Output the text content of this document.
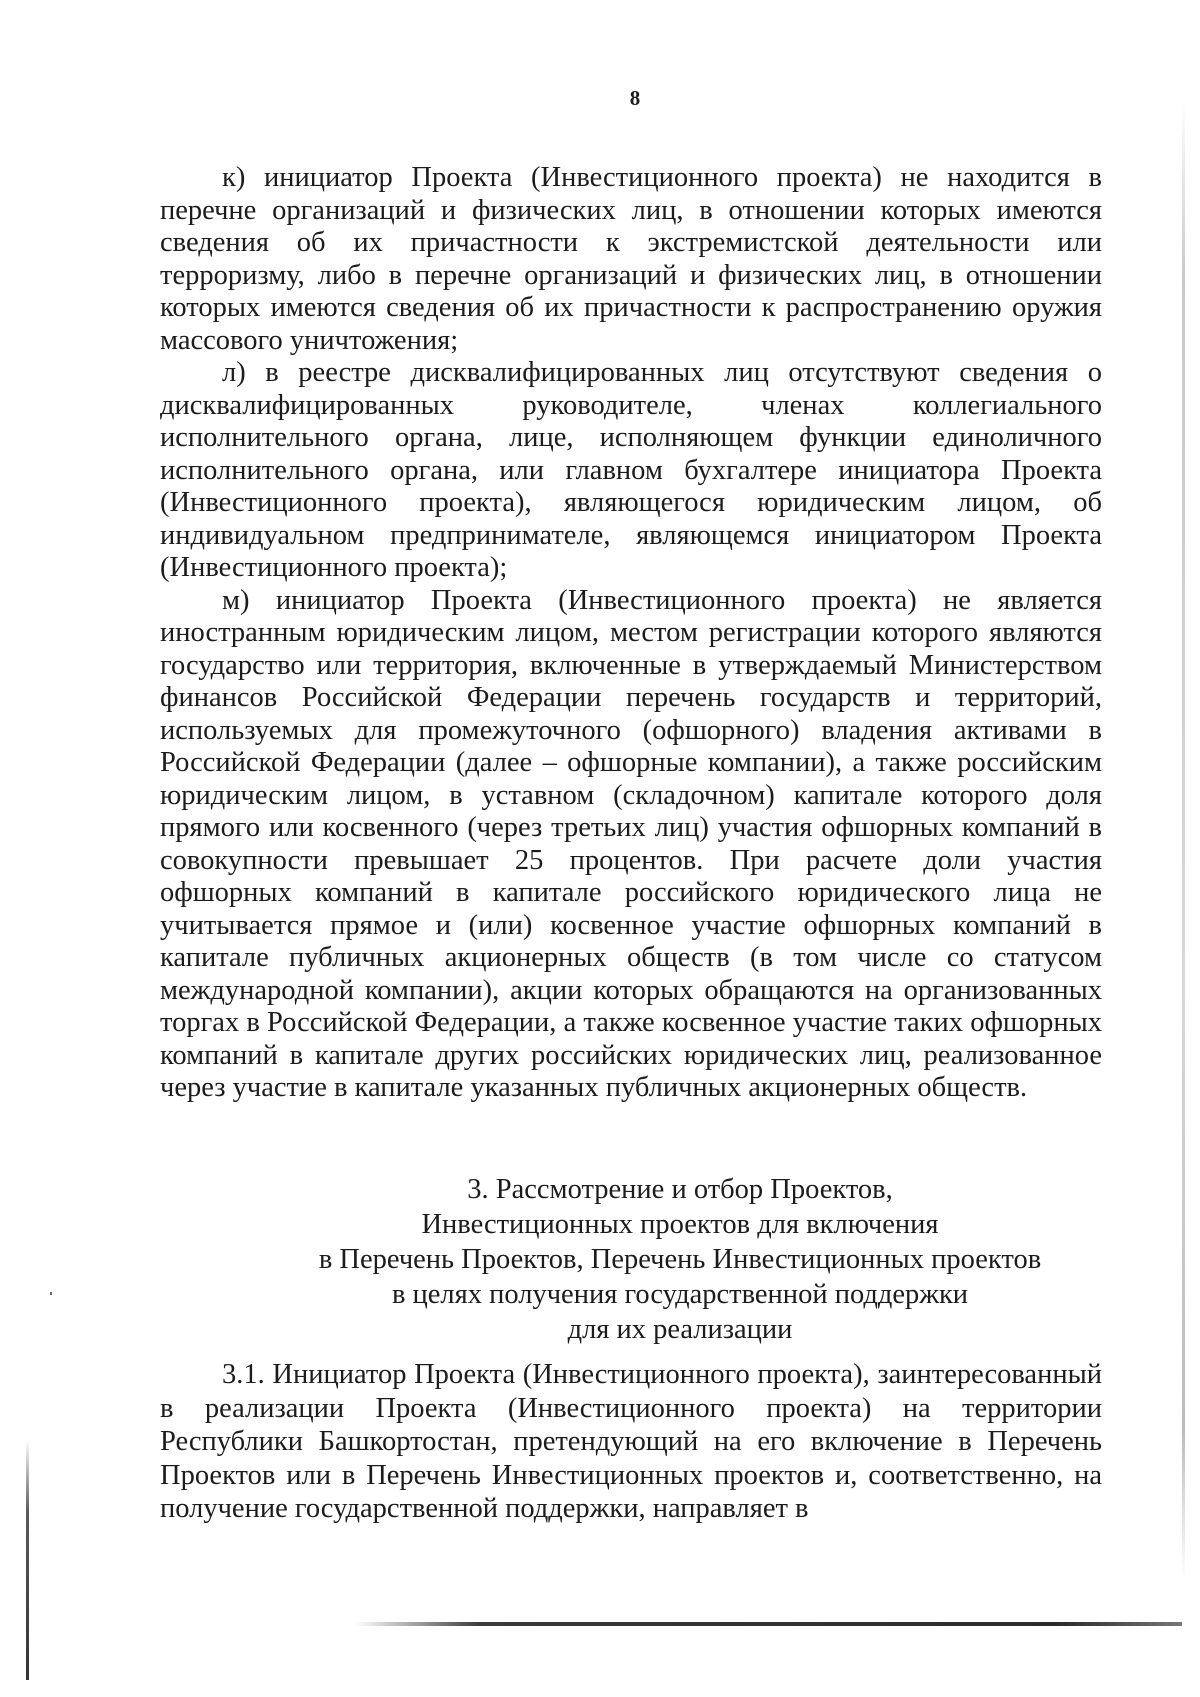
8

к) инициатор Проекта (Инвестиционного проекта) не находится в перечне организаций и физических лиц, в отношении которых имеются сведения об их причастности к экстремистской деятельности или терроризму, либо в перечне организаций и физических лиц, в отношении которых имеются сведения об их причастности к распространению оружия массового уничтожения;

л) в реестре дисквалифицированных лиц отсутствуют сведения о дисквалифицированных руководителе, членах коллегиального исполнительного органа, лице, исполняющем функции единоличного исполнительного органа, или главном бухгалтере инициатора Проекта (Инвестиционного проекта), являющегося юридическим лицом, об индивидуальном предпринимателе, являющемся инициатором Проекта (Инвестиционного проекта);

м) инициатор Проекта (Инвестиционного проекта) не является иностранным юридическим лицом, местом регистрации которого являются государство или территория, включенные в утверждаемый Министерством финансов Российской Федерации перечень государств и территорий, используемых для промежуточного (офшорного) владения активами в Российской Федерации (далее – офшорные компании), а также российским юридическим лицом, в уставном (складочном) капитале которого доля прямого или косвенного (через третьих лиц) участия офшорных компаний в совокупности превышает 25 процентов. При расчете доли участия офшорных компаний в капитале российского юридического лица не учитывается прямое и (или) косвенное участие офшорных компаний в капитале публичных акционерных обществ (в том числе со статусом международной компании), акции которых обращаются на организованных торгах в Российской Федерации, а также косвенное участие таких офшорных компаний в капитале других российских юридических лиц, реализованное через участие в капитале указанных публичных акционерных обществ.

3. Рассмотрение и отбор Проектов,
Инвестиционных проектов для включения
в Перечень Проектов, Перечень Инвестиционных проектов
в целях получения государственной поддержки
для их реализации

3.1. Инициатор Проекта (Инвестиционного проекта), заинтересованный в реализации Проекта (Инвестиционного проекта) на территории Республики Башкортостан, претендующий на его включение в Перечень Проектов или в Перечень Инвестиционных проектов и, соответственно, на получение государственной поддержки, направляет в
